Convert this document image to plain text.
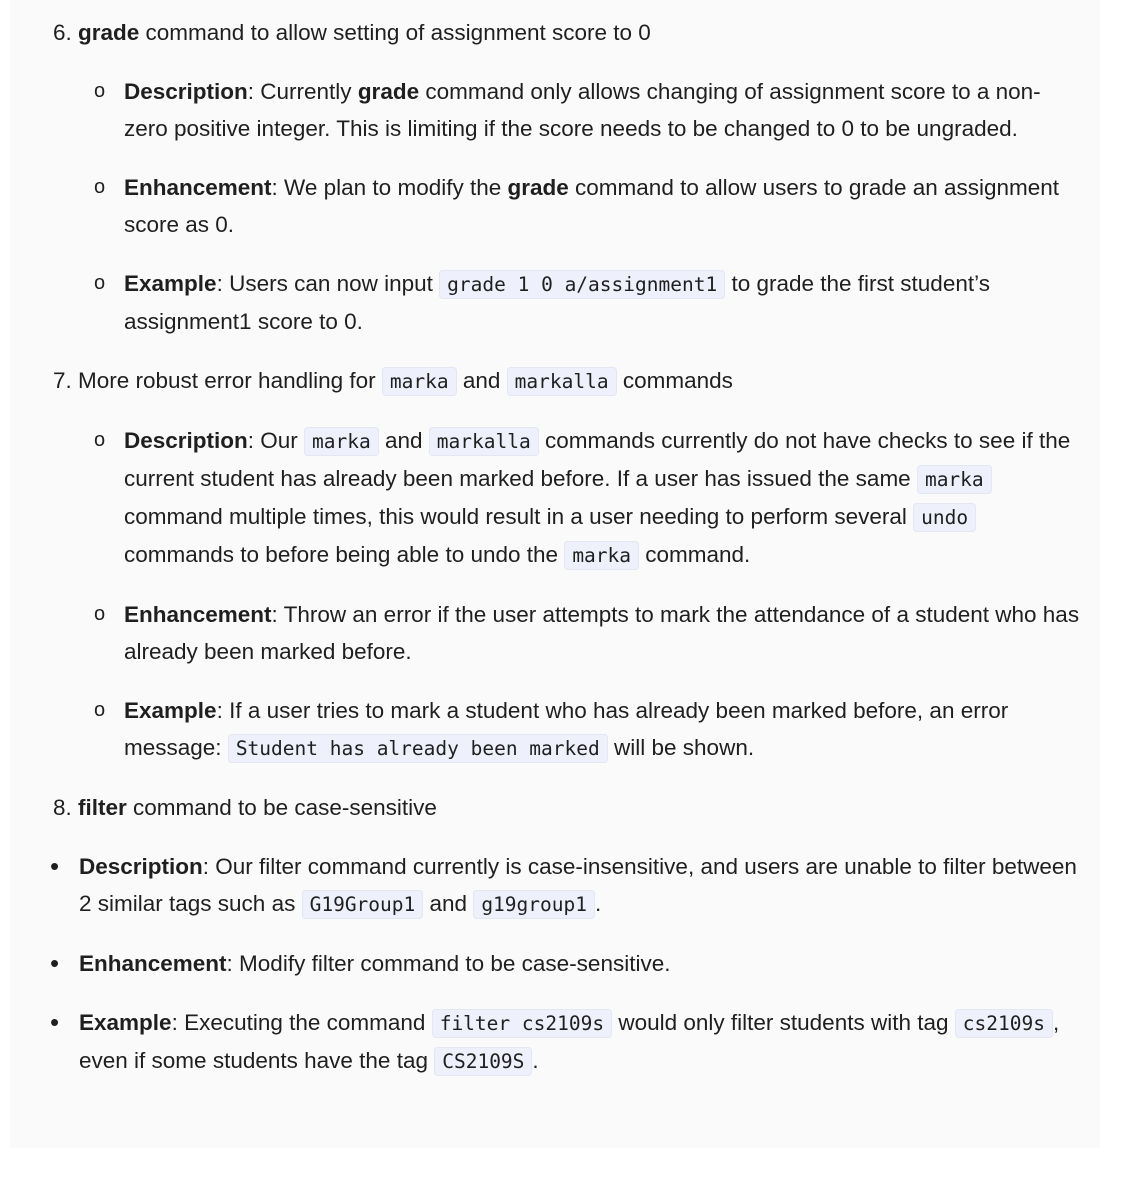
6. grade command to allow setting of assignment score to 0
o Description: Currently grade command only allows changing of assignment score to a non-zero positive integer. This is limiting if the score needs to be changed to 0 to be ungraded.
o Enhancement: We plan to modify the grade command to allow users to grade an assignment score as 0.
o Example: Users can now input grade 1 0 a/assignment1 to grade the first student’s assignment1 score to 0.
7. More robust error handling for marka and markalla commands
o Description: Our marka and markalla commands currently do not have checks to see if the current student has already been marked before. If a user has issued the same marka command multiple times, this would result in a user needing to perform several undo commands to before being able to undo the marka command.
o Enhancement: Throw an error if the user attempts to mark the attendance of a student who has already been marked before.
o Example: If a user tries to mark a student who has already been marked before, an error message: Student has already been marked will be shown.
8. filter command to be case-sensitive
• Description: Our filter command currently is case-insensitive, and users are unable to filter between 2 similar tags such as G19Group1 and g19group1 .
• Enhancement: Modify filter command to be case-sensitive.
• Example: Executing the command filter cs2109s would only filter students with tag cs2109s , even if some students have the tag CS2109S .
